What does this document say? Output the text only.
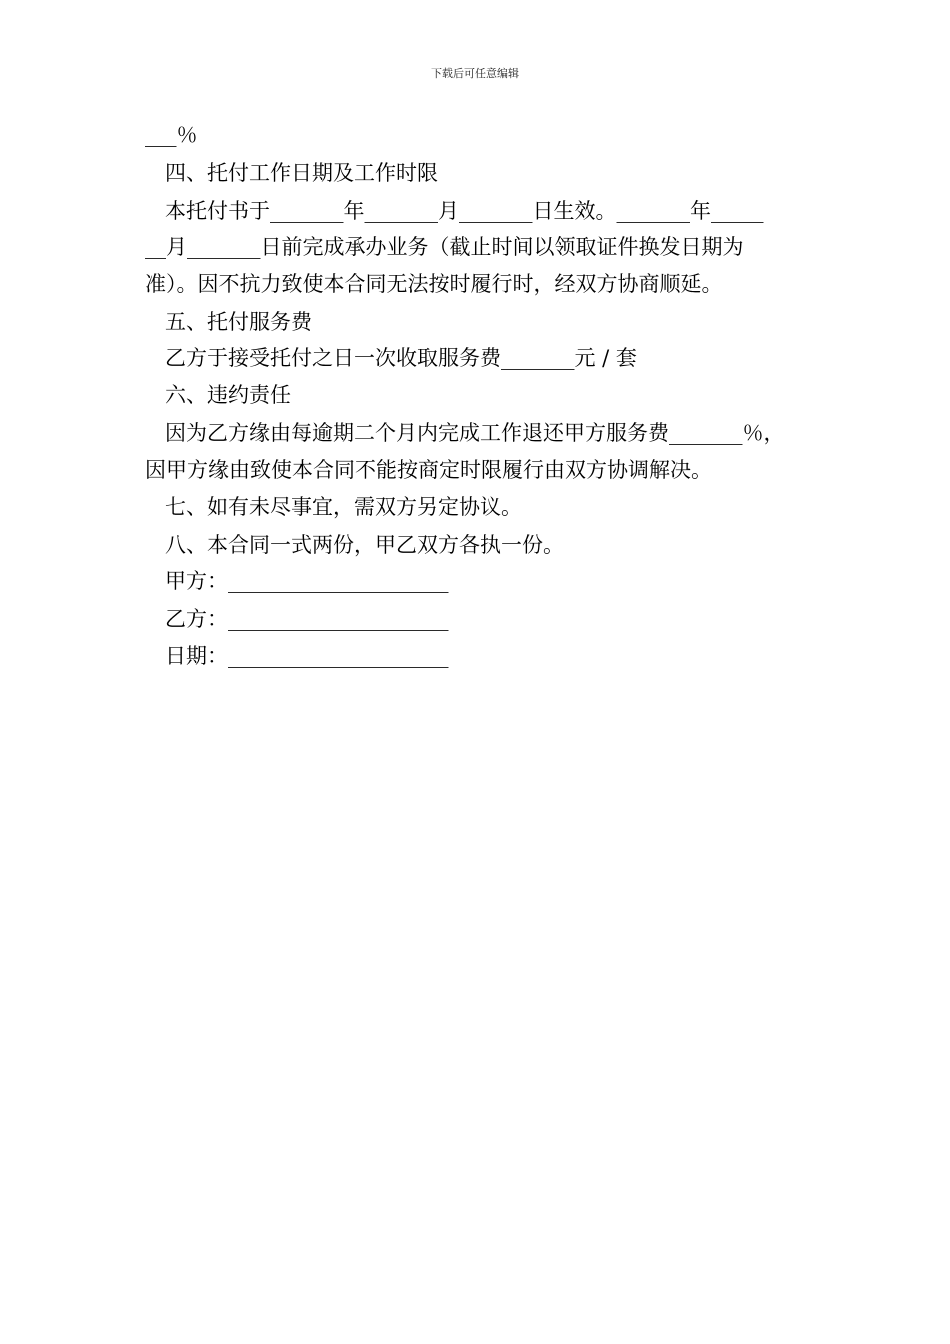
下载后可任意编辑
___％
四、托付工作日期及工作时限
本托付书于_______年_______月_______日生效。_______年_____
__月_______日前完成承办业务（截止时间以领取证件换发日期为
准）。因不抗力致使本合同无法按时履行时，经双方协商顺延。
五、托付服务费
乙方于接受托付之日一次收取服务费_______元 / 套
六、违约责任
因为乙方缘由每逾期二个月内完成工作退还甲方服务费_______％，
因甲方缘由致使本合同不能按商定时限履行由双方协调解决。
七、如有未尽事宜，需双方另定协议。
八、本合同一式两份，甲乙双方各执一份。
甲方：_____________________
乙方：_____________________
日期：_____________________
